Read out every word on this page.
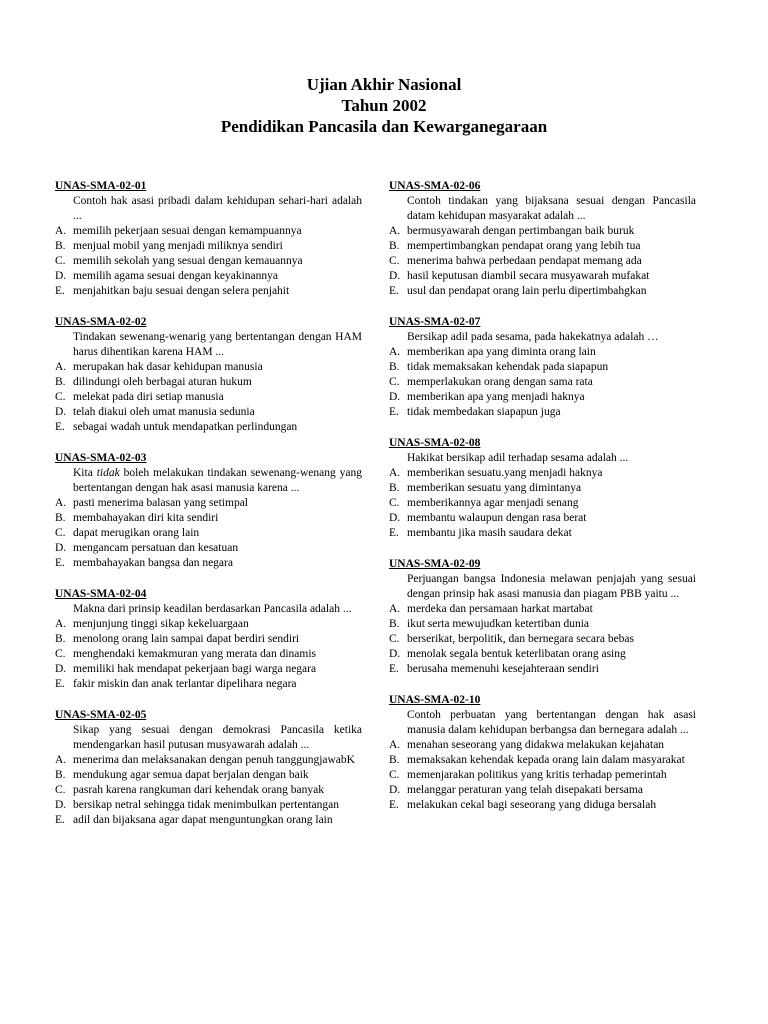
Ujian Akhir Nasional
Tahun 2002
Pendidikan Pancasila dan Kewarganegaraan
UNAS-SMA-02-01
Contoh hak asasi pribadi dalam kehidupan sehari-hari adalah ...
A. memilih pekerjaan sesuai dengan kemampuannya
B. menjual mobil yang menjadi miliknya sendiri
C. memilih sekolah yang sesuai dengan kemauannya
D. memilih agama sesuai dengan keyakinannya
E. menjahitkan baju sesuai dengan selera penjahit
UNAS-SMA-02-02
Tindakan sewenang-wenarig yang bertentangan dengan HAM harus dihentikan karena HAM ...
A. merupakan hak dasar kehidupan manusia
B. dilindungi oleh berbagai aturan hukum
C. melekat pada diri setiap manusia
D. telah diakui oleh umat manusia sedunia
E. sebagai wadah untuk mendapatkan perlindungan
UNAS-SMA-02-03
Kita tidak boleh melakukan tindakan sewenang-wenang yang bertentangan dengan hak asasi manusia karena ...
A. pasti menerima balasan yang setimpal
B. membahayakan diri kita sendiri
C. dapat merugikan orang lain
D. mengancam persatuan dan kesatuan
E. membahayakan bangsa dan negara
UNAS-SMA-02-04
Makna dari prinsip keadilan berdasarkan Pancasila adalah ...
A. menjunjung tinggi sikap kekeluargaan
B. menolong orang lain sampai dapat berdiri sendiri
C. menghendaki kemakmuran yang merata dan dinamis
D. memiliki hak mendapat pekerjaan bagi warga negara
E. fakir miskin dan anak terlantar dipelihara negara
UNAS-SMA-02-05
Sikap yang sesuai dengan demokrasi Pancasila ketika mendengarkan hasil putusan musyawarah adalah ...
A. menerima dan melaksanakan dengan penuh tanggungjawabK
B. mendukung agar semua dapat berjalan dengan baik
C. pasrah karena rangkuman dari kehendak orang banyak
D. bersikap netral sehingga tidak menimbulkan pertentangan
E. adil dan bijaksana agar dapat menguntungkan orang lain
UNAS-SMA-02-06
Contoh tindakan yang bijaksana sesuai dengan Pancasila datam kehidupan masyarakat adalah ...
A. bermusyawarah dengan pertimbangan baik buruk
B. mempertimbangkan pendapat orang yang lebih tua
C. menerima bahwa perbedaan pendapat memang ada
D. hasil keputusan diambil secara musyawarah mufakat
E. usul dan pendapat orang lain perlu dipertimbahgkan
UNAS-SMA-02-07
Bersikap adil pada sesama, pada hakekatnya adalah …
A. memberikan apa yang diminta orang lain
B. tidak memaksakan kehendak pada siapapun
C. memperlakukan orang dengan sama rata
D. memberikan apa yang menjadi haknya
E. tidak membedakan siapapun juga
UNAS-SMA-02-08
Hakikat bersikap adil terhadap sesama adalah ...
A. memberikan sesuatu.yang menjadi haknya
B. memberikan sesuatu yang dimintanya
C. memberikannya agar menjadi senang
D. membantu walaupun dengan rasa berat
E. membantu jika masih saudara dekat
UNAS-SMA-02-09
Perjuangan bangsa Indonesia melawan penjajah yang sesuai dengan prinsip hak asasi manusia dan piagam PBB yaitu ...
A. merdeka dan persamaan harkat martabat
B. ikut serta mewujudkan ketertiban dunia
C. berserikat, berpolitik, dan bernegara secara bebas
D. menolak segala bentuk keterlibatan orang asing
E. berusaha memenuhi kesejahteraan sendiri
UNAS-SMA-02-10
Contoh perbuatan yang bertentangan dengan hak asasi manusia dalam kehidupan berbangsa dan bernegara adalah ...
A. menahan seseorang yang didakwa melakukan kejahatan
B. memaksakan kehendak kepada orang lain dalam masyarakat
C. memenjarakan politikus yang kritis terhadap pemerintah
D. melanggar peraturan yang telah disepakati bersama
E. melakukan cekal bagi seseorang yang diduga bersalah
